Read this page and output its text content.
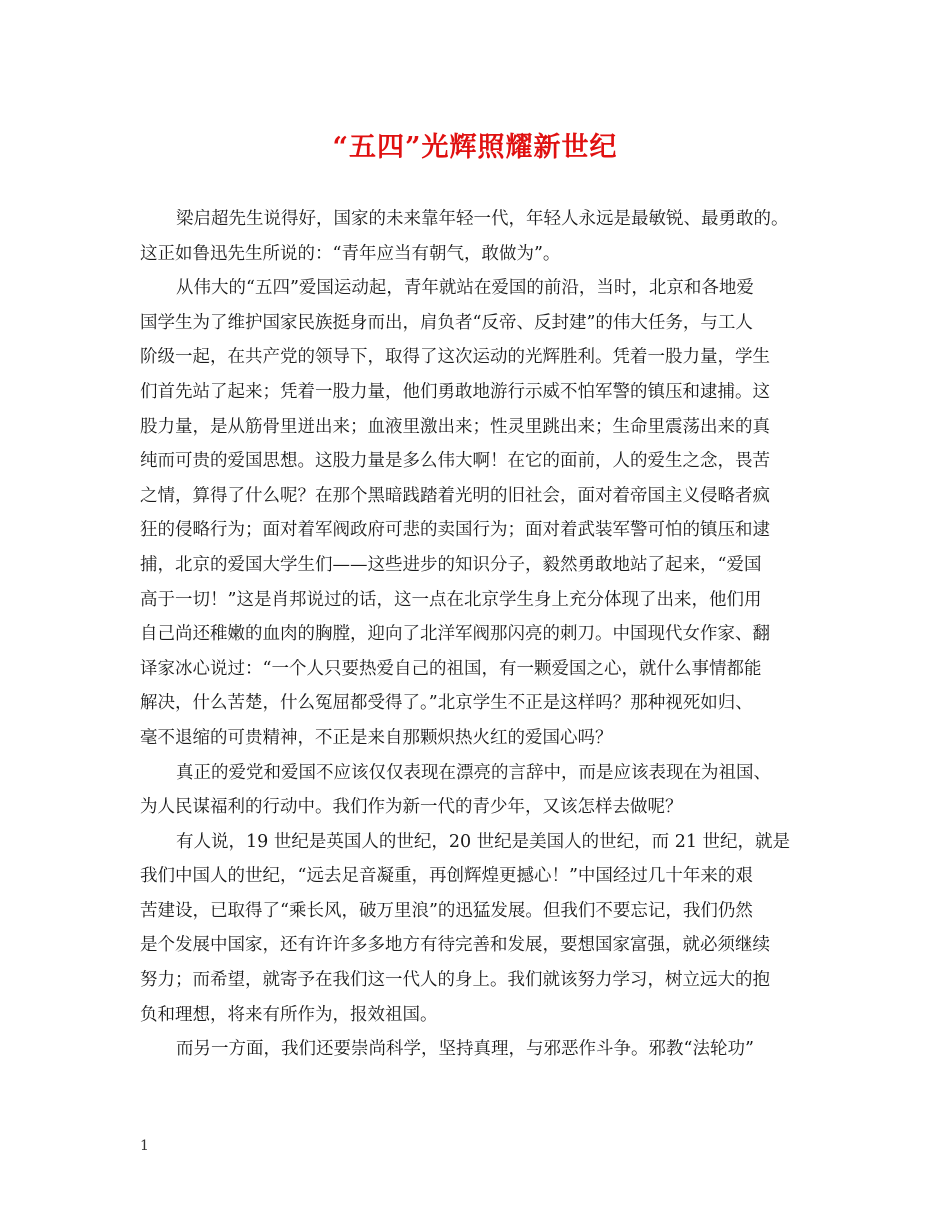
“五四”光辉照耀新世纪
梁启超先生说得好，国家的未来靠年轻一代，年轻人永远是最敏锐、最勇敢的。
这正如鲁迅先生所说的：“青年应当有朝气，敢做为”。
从伟大的“五四”爱国运动起，青年就站在爱国的前沿，当时，北京和各地爱
国学生为了维护国家民族挺身而出，肩负者“反帝、反封建”的伟大任务，与工人
阶级一起，在共产党的领导下，取得了这次运动的光辉胜利。凭着一股力量，学生
们首先站了起来；凭着一股力量，他们勇敢地游行示威不怕军警的镇压和逮捕。这
股力量，是从筋骨里迸出来；血液里激出来；性灵里跳出来；生命里震荡出来的真
纯而可贵的爱国思想。这股力量是多么伟大啊！在它的面前，人的爱生之念，畏苦
之情，算得了什么呢？在那个黑暗践踏着光明的旧社会，面对着帝国主义侵略者疯
狂的侵略行为；面对着军阀政府可悲的卖国行为；面对着武装军警可怕的镇压和逮
捕，北京的爱国大学生们——这些进步的知识分子，毅然勇敢地站了起来，“爱国
高于一切！”这是肖邦说过的话，这一点在北京学生身上充分体现了出来，他们用
自己尚还稚嫩的血肉的胸膛，迎向了北洋军阀那闪亮的刺刀。中国现代女作家、翻
译家冰心说过：“一个人只要热爱自己的祖国，有一颗爱国之心，就什么事情都能
解决，什么苦楚，什么冤屈都受得了。”北京学生不正是这样吗？那种视死如归、
毫不退缩的可贵精神，不正是来自那颗炽热火红的爱国心吗？
真正的爱党和爱国不应该仅仅表现在漂亮的言辞中，而是应该表现在为祖国、
为人民谋福利的行动中。我们作为新一代的青少年，又该怎样去做呢？
有人说，19 世纪是英国人的世纪，20 世纪是美国人的世纪，而 21 世纪，就是
我们中国人的世纪，“远去足音凝重，再创辉煌更撼心！”中国经过几十年来的艰
苦建设，已取得了“乘长风，破万里浪”的迅猛发展。但我们不要忘记，我们仍然
是个发展中国家，还有许许多多地方有待完善和发展，要想国家富强，就必须继续
努力；而希望，就寄予在我们这一代人的身上。我们就该努力学习，树立远大的抱
负和理想，将来有所作为，报效祖国。
而另一方面，我们还要崇尚科学，坚持真理，与邪恶作斗争。邪教“法轮功”
1
